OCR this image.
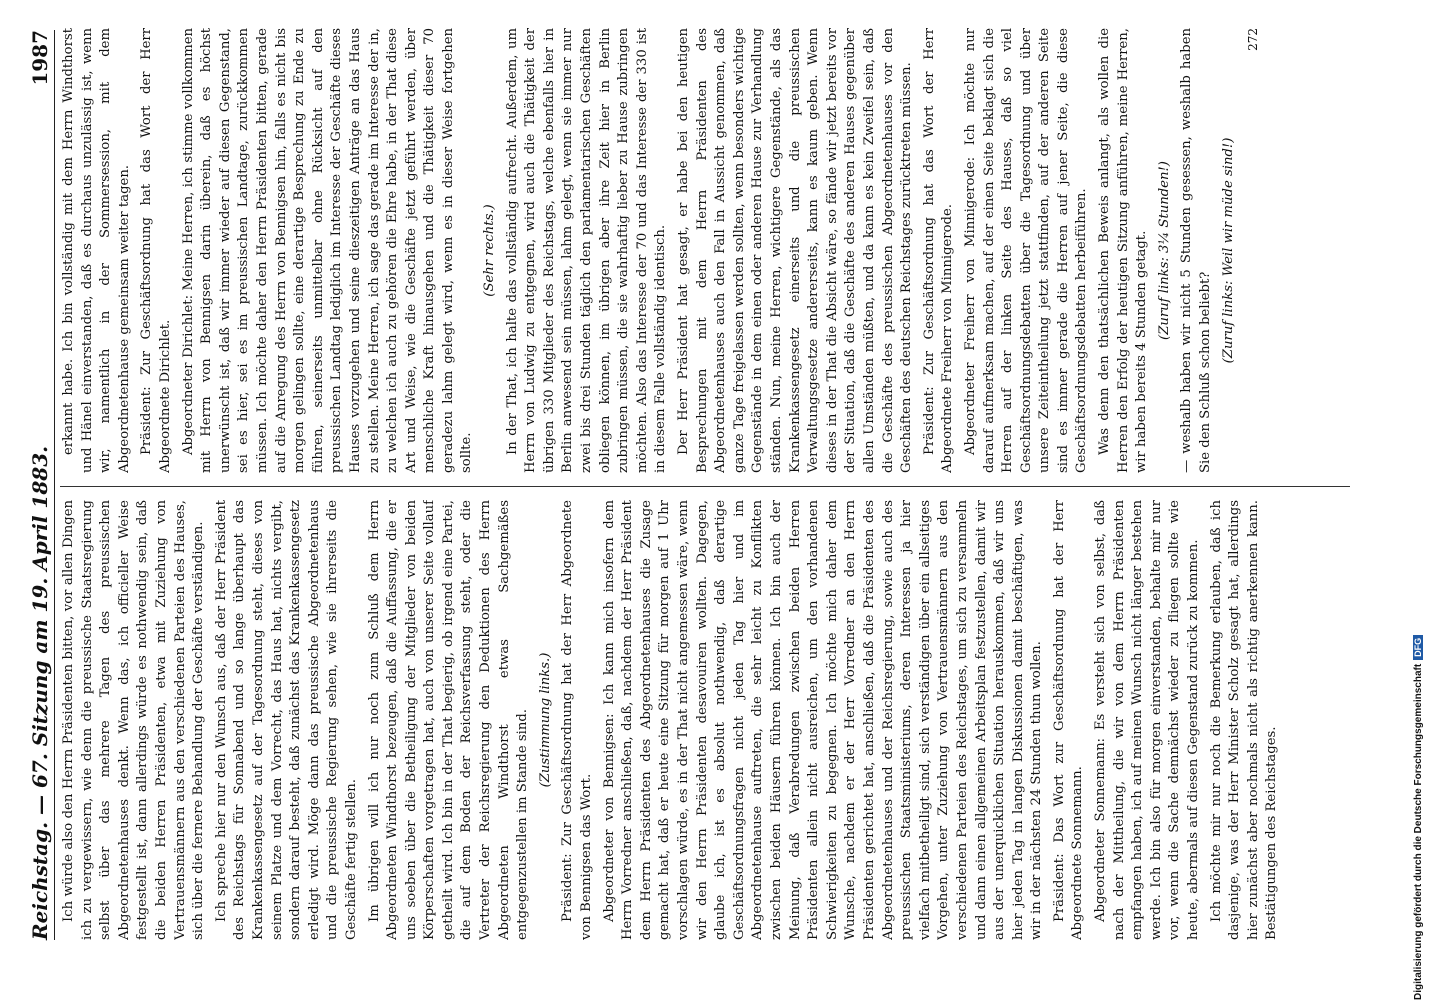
Reichstag. — 67. Sitzung am 19. April 1883.
1987

Ich würde also den Herrn Präsidenten bitten, vor allen Dingen ich zu vergewissern, wie denn die preussische Staatsregierung selbst über das mehrere Tagen des preussischen Abgeordnetenhauses denkt. Wenn das, ich officieller Weise festgestellt ist, dann allerdings würde es nothwendig sein, daß die beiden Herren Präsidenten, etwa mit Zuziehung von Vertrauensmännern aus den verschiedenen Parteien des Hauses, sich über die fernere Behandlung der Geschäfte verständigen. Ich spreche hier nur den Wunsch aus, daß der Herr Präsident des Reichstags für Sonnabend und so lange überhaupt das Krankenkassengesetz auf der Tagesordnung steht, dieses von seinem Platze und dem Vorrecht, das Haus hat, nichts vergibt, sondern darauf besteht, daß zunächst das Krankenkassengesetz erledigt wird. Möge dann das preussische Abgeordnetenhaus und die preussische Regierung sehen, wie sie ihrerseits die Geschäfte fertig stellen. Im übrigen will ich nur noch zum Schluß dem Herrn Abgeordneten Windthorst bezeugen, daß die Auffassung, die er uns soeben über die Betheiligung der Mitglieder von beiden Körperschaften vorgetragen hat, auch von unserer Seite vollauf getheilt wird. Ich bin in der That begierig, ob irgend eine Partei, die auf dem Boden der Reichsverfassung steht, oder die Vertreter der Reichsregierung den Deduktionen des Herrn Abgeordneten Windthorst etwas Sachgemäßes entgegenzustellen im Stande sind. (Zustimmung links.) Präsident: Zur Geschäftsordnung hat der Herr Abgeordnete von Bennigsen das Wort. Abgeordneter von Bennigsen: Ich kann mich insofern dem Herrn Vorredner anschließen, daß, nachdem der Herr Präsident dem Herrn Präsidenten des Abgeordnetenhauses die Zusage gemacht hat, daß er heute eine Sitzung für morgen auf 1 Uhr vorschlagen würde, es in der That nicht angemessen wäre, wenn wir den Herrn Präsidenten desavouiren wollten. Dagegen, glaube ich, ist es absolut nothwendig, daß derartige Geschäftsordnungsfragen nicht jeden Tag hier und im Abgeordnetenhause auftreten, die sehr leicht zu Konflikten zwischen beiden Häusern führen können. Ich bin auch der Meinung, daß Verabredungen zwischen beiden Herren Präsidenten allein nicht ausreichen, um den vorhandenen Schwierigkeiten zu begegnen. Ich möchte mich daher dem Wunsche, nachdem er der Herr Vorredner an den Herrn Präsidenten gerichtet hat, anschließen, daß die Präsidenten des Abgeordnetenhauses und der Reichsregierung, sowie auch des preussischen Staatsministeriums, deren Interessen ja hier vielfach mitbetheiligt sind, sich verständigen über ein allseitiges Vorgehen, unter Zuziehung von Vertrauensmännern aus den verschiedenen Parteien des Reichstages, um sich zu versammeln und dann einen allgemeinen Arbeitsplan festzustellen, damit wir aus der unerquicklichen Situation herauskommen, daß wir uns hier jeden Tag in langen Diskussionen damit beschäftigen, was wir in der nächsten 24 Stunden thun wollen. Präsident: Das Wort zur Geschäftsordnung hat der Herr Abgeordnete Sonnemann. Abgeordneter Sonnemann: Es versteht sich von selbst, daß nach der Mittheilung, die wir von dem Herrn Präsidenten empfangen haben, ich auf meinen Wunsch nicht länger bestehen werde. Ich bin also für morgen einverstanden, behalte mir nur vor, wenn die Sache demnächst wieder zu fliegen sollte wie heute, abermals auf diesen Gegenstand zurück zu kommen. Ich möchte mir nur noch die Bemerkung erlauben, daß ich dasjenige, was der Herr Minister Scholz gesagt hat, allerdings hier zunächst aber nochmals nicht als richtig anerkennen kann. Bestätigungen des Reichstages.

erkannt habe. Ich bin vollständig mit dem Herrn Windthorst und Hänel einverstanden, daß es durchaus unzulässig ist, wenn wir, namentlich in der Sommersession, mit dem Abgeordnetenhause gemeinsam weiter tagen. Präsident: Zur Geschäftsordnung hat das Wort der Herr Abgeordnete Dirichlet. Abgeordneter Dirichlet: Meine Herren, ich stimme vollkommen mit Herrn von Bennigsen darin überein, daß es höchst unerwünscht ist, daß wir immer wieder auf diesen Gegenstand, sei es hier, sei es im preussischen Landtage, zurückkommen müssen. Ich möchte daher den Herrn Präsidenten bitten, gerade auf die Anregung des Herrn von Bennigsen hin, falls es nicht bis morgen gelingen sollte, eine derartige Besprechung zu Ende zu führen, seinerseits unmittelbar ohne Rücksicht auf den preussischen Landtag lediglich im Interesse der Geschäfte dieses Hauses vorzugehen und seine dieszeitigen Anträge an das Haus zu stellen. Meine Herren, ich sage das gerade im Interesse der in, zu welchen ich auch zu gehören die Ehre habe, in der That diese Art und Weise, wie die Geschäfte jetzt geführt werden, über menschliche Kraft hinausgehen und die Thätigkeit dieser 70 geradezu lahm gelegt wird, wenn es in dieser Weise fortgehen sollte.

(Sehr rechts.) In der That, ich halte das vollständig aufrecht. Außerdem, um Herrn von Ludwig zu entgegnen, wird auch die Thätigkeit der übrigen 330 Mitglieder des Reichstags, welche ebenfalls hier in Berlin anwesend sein müssen, lahm gelegt, wenn sie immer nur zwei bis drei Stunden täglich den parlamentarischen Geschäften obliegen können, im übrigen aber ihre Zeit hier in Berlin zubringen müssen, die sie wahrhaftig lieber zu Hause zubringen möchten. Also das Interesse der 70 und das Interesse der 330 ist in diesem Falle vollständig identisch. Der Herr Präsident hat gesagt, er habe bei den heutigen Besprechungen mit dem Herrn Präsidenten des Abgeordnetenhauses auch den Fall in Aussicht genommen, daß ganze Tage freigelassen werden sollten, wenn besonders wichtige Gegenstände in dem einen oder anderen Hause zur Verhandlung ständen. Nun, meine Herren, wichtigere Gegenstände, als das Krankenkassengesetz einerseits und die preussischen Verwaltungsgesetze andererseits, kann es kaum geben. Wenn dieses in der That die Absicht wäre, so fände wir jetzt bereits vor der Situation, daß die Geschäfte des anderen Hauses gegenüber allen Umständen müßten, und da kann es kein Zweifel sein, daß die Geschäfte des preussischen Abgeordnetenhauses vor den Geschäften des deutschen Reichstages zurücktreten müssen. Präsident: Zur Geschäftsordnung hat das Wort der Herr Abgeordnete Freiherr von Minnigerode. Abgeordneter Freiherr von Minnigerode: Ich möchte nur darauf aufmerksam machen, auf der einen Seite beklagt sich die Herren auf der linken Seite des Hauses, daß so viel Geschäftsordnungsdebatten über die Tagesordnung und über unsere Zeiteintheilung jetzt stattfinden, auf der anderen Seite sind es immer gerade die Herren auf jener Seite, die diese Geschäftsordnungsdebatten herbeiführen. Was denn den thatsächlichen Beweis anlangt, als wollen die Herren den Erfolg der heutigen Sitzung anführen, meine Herren, wir haben bereits 4 Stunden getagt. (Zuruf links: 3¼ Stunden!) — weshalb haben wir nicht 5 Stunden gesessen, weshalb haben Sie den Schluß schon beliebt?

(Zuruf links: Weil wir müde sind!)

272
Digitalisierung gefördert durch die Deutsche ForschungsgemeinschaftDFG
